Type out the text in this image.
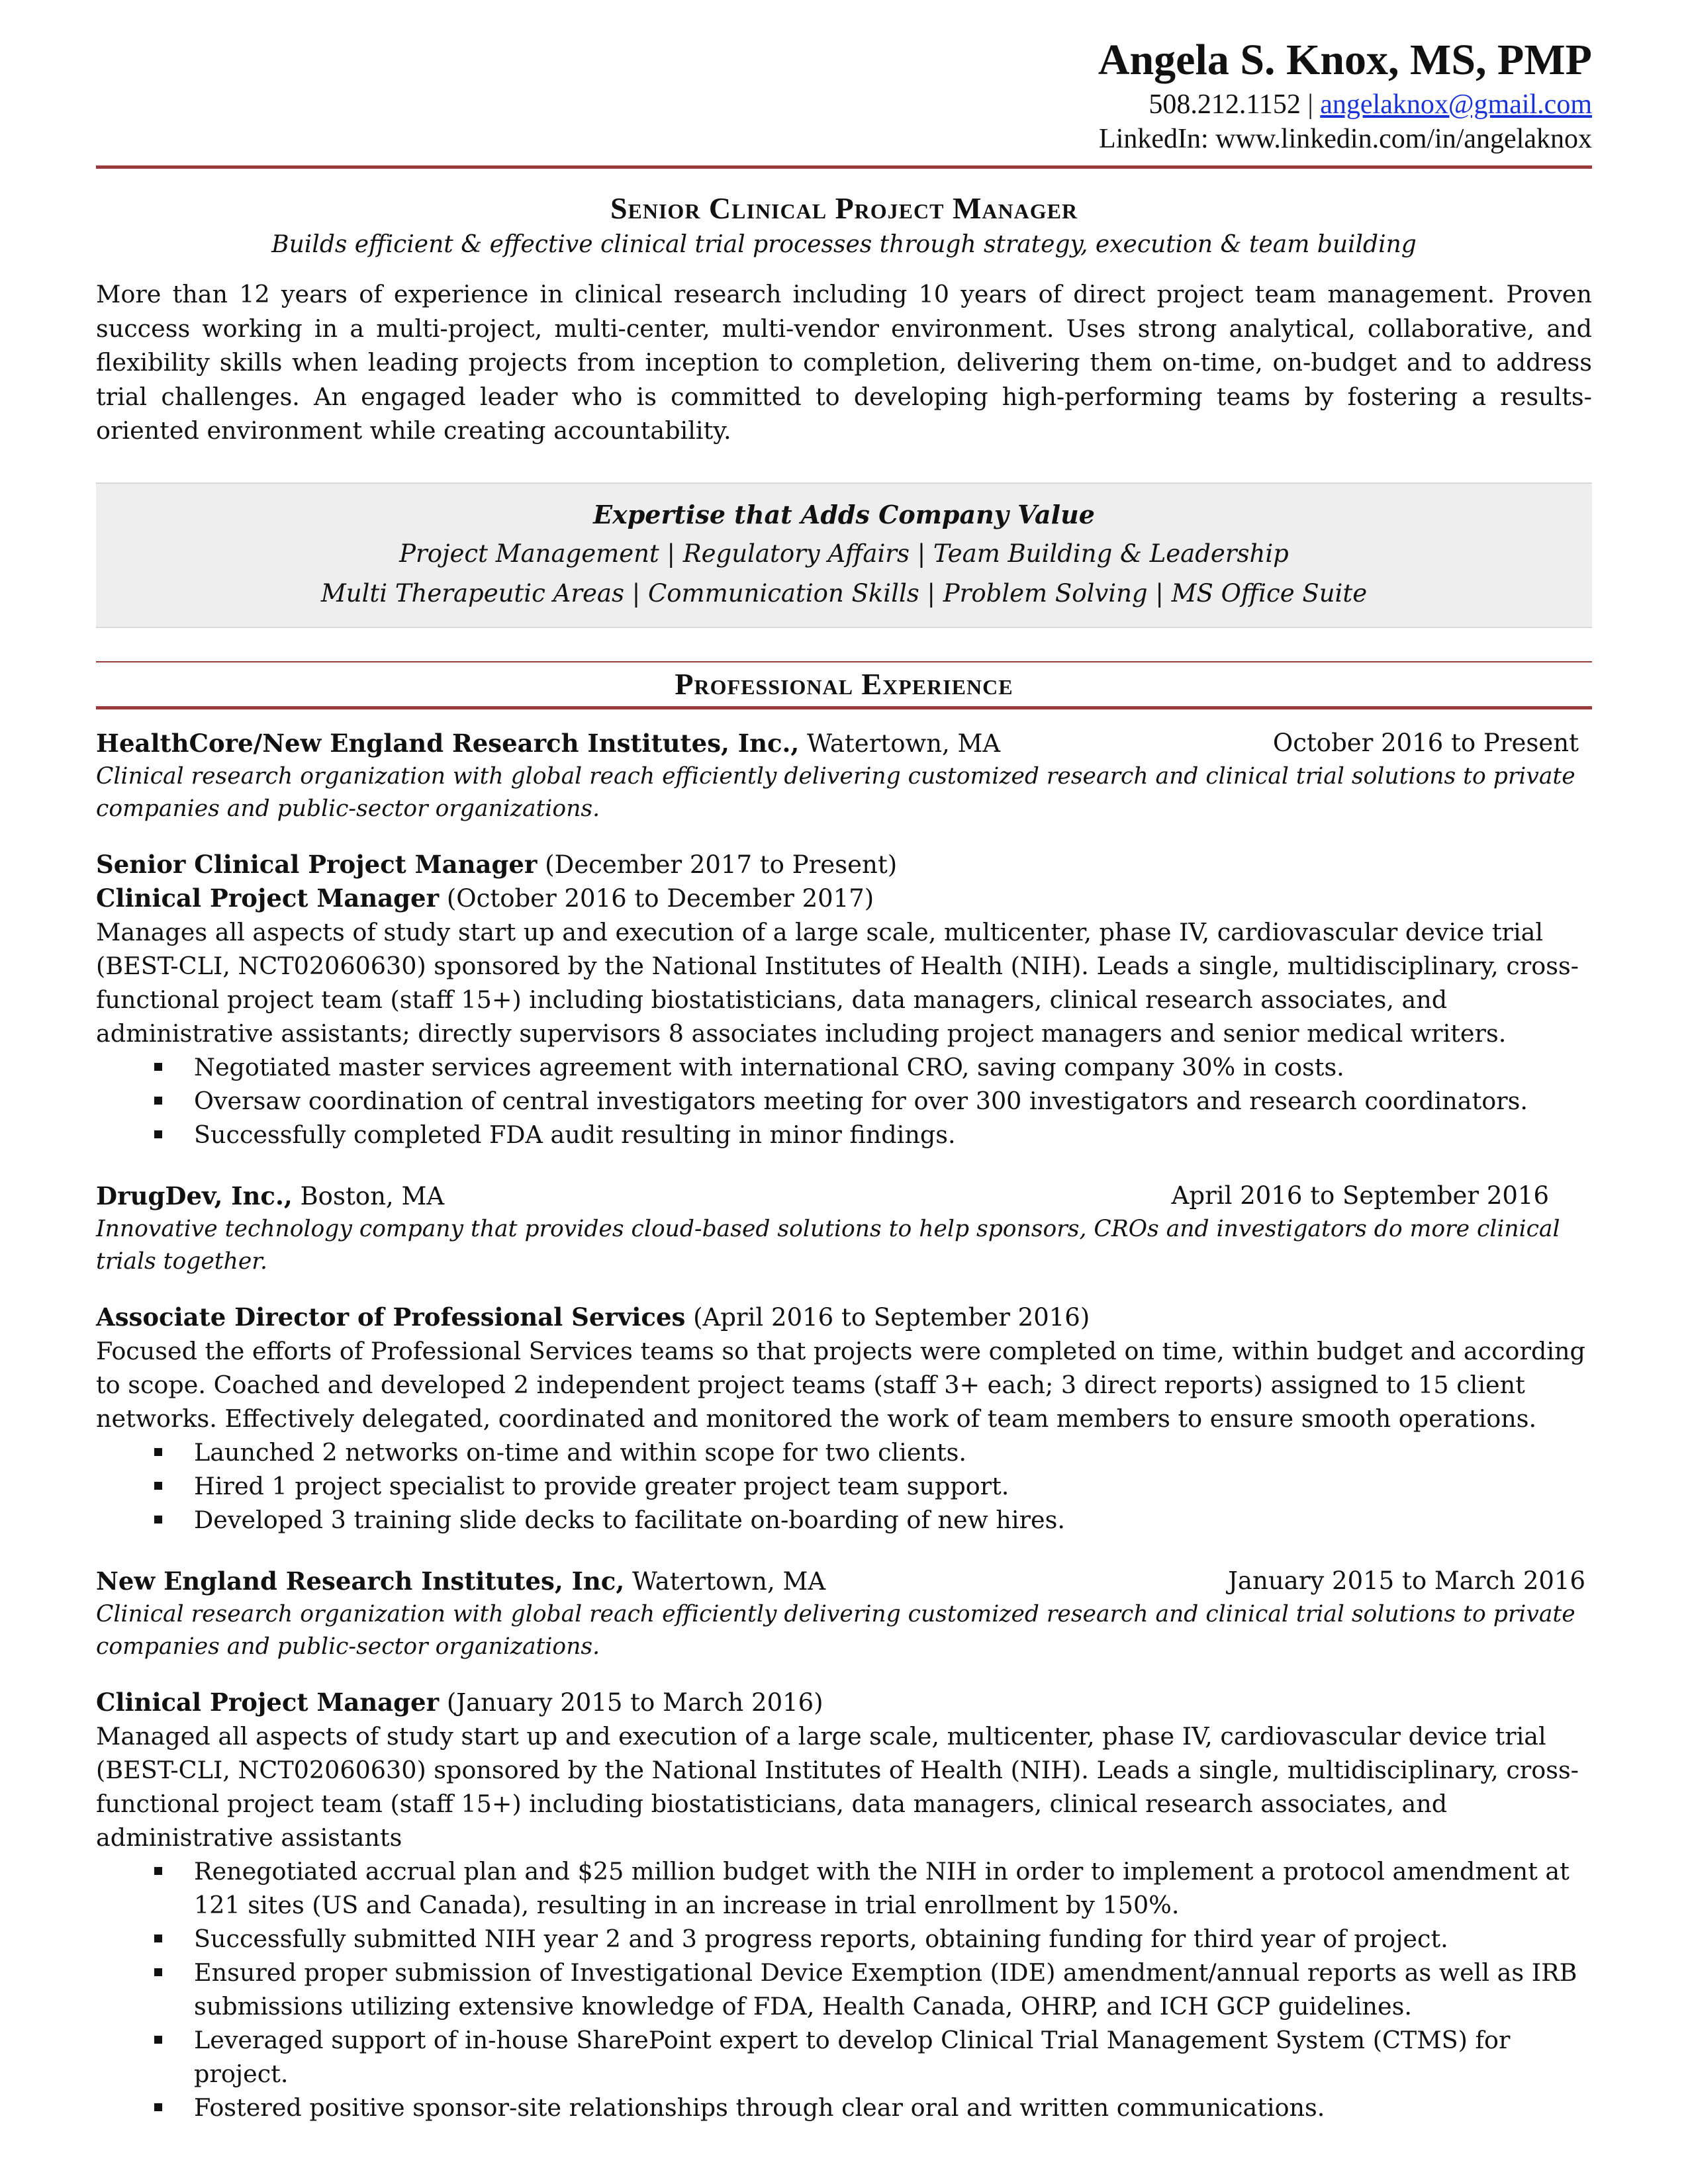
Angela S. Knox, MS, PMP
508.212.1152 | angelaknox@gmail.com
LinkedIn: www.linkedin.com/in/angelaknox
Senior Clinical Project Manager
Builds efficient & effective clinical trial processes through strategy, execution & team building
More than 12 years of experience in clinical research including 10 years of direct project team management. Proven success working in a multi-project, multi-center, multi-vendor environment. Uses strong analytical, collaborative, and flexibility skills when leading projects from inception to completion, delivering them on-time, on-budget and to address trial challenges. An engaged leader who is committed to developing high-performing teams by fostering a results-oriented environment while creating accountability.
Expertise that Adds Company Value
Project Management | Regulatory Affairs | Team Building & Leadership
Multi Therapeutic Areas | Communication Skills | Problem Solving | MS Office Suite
Professional Experience
HealthCore/New England Research Institutes, Inc., Watertown, MA	October 2016 to Present
Clinical research organization with global reach efficiently delivering customized research and clinical trial solutions to private companies and public-sector organizations.
Senior Clinical Project Manager (December 2017 to Present)
Clinical Project Manager (October 2016 to December 2017)
Manages all aspects of study start up and execution of a large scale, multicenter, phase IV, cardiovascular device trial (BEST-CLI, NCT02060630) sponsored by the National Institutes of Health (NIH). Leads a single, multidisciplinary, cross-functional project team (staff 15+) including biostatisticians, data managers, clinical research associates, and administrative assistants; directly supervisors 8 associates including project managers and senior medical writers.
Negotiated master services agreement with international CRO, saving company 30% in costs.
Oversaw coordination of central investigators meeting for over 300 investigators and research coordinators.
Successfully completed FDA audit resulting in minor findings.
DrugDev, Inc., Boston, MA	April 2016 to September 2016
Innovative technology company that provides cloud-based solutions to help sponsors, CROs and investigators do more clinical trials together.
Associate Director of Professional Services (April 2016 to September 2016)
Focused the efforts of Professional Services teams so that projects were completed on time, within budget and according to scope. Coached and developed 2 independent project teams (staff 3+ each; 3 direct reports) assigned to 15 client networks. Effectively delegated, coordinated and monitored the work of team members to ensure smooth operations.
Launched 2 networks on-time and within scope for two clients.
Hired 1 project specialist to provide greater project team support.
Developed 3 training slide decks to facilitate on-boarding of new hires.
New England Research Institutes, Inc, Watertown, MA	January 2015 to March 2016
Clinical research organization with global reach efficiently delivering customized research and clinical trial solutions to private companies and public-sector organizations.
Clinical Project Manager (January 2015 to March 2016)
Managed all aspects of study start up and execution of a large scale, multicenter, phase IV, cardiovascular device trial (BEST-CLI, NCT02060630) sponsored by the National Institutes of Health (NIH). Leads a single, multidisciplinary, cross-functional project team (staff 15+) including biostatisticians, data managers, clinical research associates, and administrative assistants
Renegotiated accrual plan and $25 million budget with the NIH in order to implement a protocol amendment at 121 sites (US and Canada), resulting in an increase in trial enrollment by 150%.
Successfully submitted NIH year 2 and 3 progress reports, obtaining funding for third year of project.
Ensured proper submission of Investigational Device Exemption (IDE) amendment/annual reports as well as IRB submissions utilizing extensive knowledge of FDA, Health Canada, OHRP, and ICH GCP guidelines.
Leveraged support of in-house SharePoint expert to develop Clinical Trial Management System (CTMS) for project.
Fostered positive sponsor-site relationships through clear oral and written communications.
